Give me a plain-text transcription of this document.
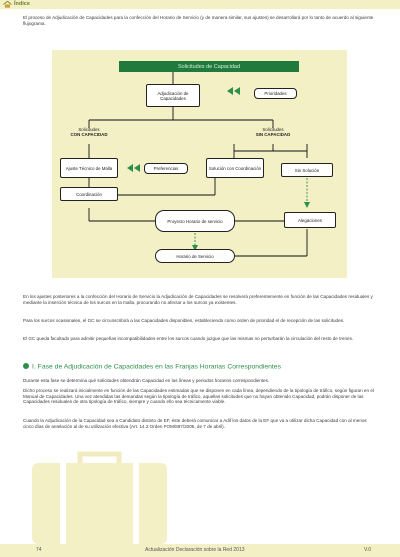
Índice

El proceso de Adjudicación de Capacidades para la confección del Horario de Servicio (y de manera similar, sus ajustes) se desarrollará por lo tanto de acuerdo al siguiente flujograma.

Solicitudes de Capacidad
Adjudicación de Capacidades
Prioridades
Solicitudes
CON CAPACIDAD
Solicitudes
SIN CAPACIDAD
Ajuste Técnico de Malla	Preferencias	Solución con Coordinación	Sin Solución
Coordinación
Proyecto Horario de servicio	Alegaciones
Horario de Servicio

En los ajustes posteriores a la confección del Horario de Servicio la Adjudicación de Capacidades se resolverá preferentemente en función de las Capacidades residuales y mediante la inserción técnica de los surcos en la malla, procurando no afectar a los surcos ya existentes.

Para los surcos ocasionales, el GC se circunscribirá a las Capacidades disponibles, estableciendo como orden de prioridad el de recepción de las solicitudes.

El GC queda facultado para admitir pequeñas incompatibilidades entre los surcos cuando juzgue que las mismas no perturbarán la circulación del resto de trenes.

I. Fase de Adjudicación de Capacidades en las Franjas Horarias Correspondientes

Durante esta fase se determina qué solicitudes obtendrán Capacidad en las líneas y periodos horarios correspondientes.

Dicho proceso se realizará inicialmente en función de las Capacidades estimadas que se disponen en cada línea, dependiendo de la tipología de tráfico, según figuran en el Manual de Capacidades. Una vez atendidas las demandas según la tipología de tráfico, aquellas solicitudes que no hayan obtenido Capacidad, podrán disponer de las Capacidades residuales de otra tipología de tráfico, siempre y cuando ello sea técnicamente viable.

Cuando la Adjudicación de la Capacidad sea a Candidato distinto de EF, éste deberá comunicar a Adif los datos de la EF que va a utilizar dicha Capacidad con al menos cinco días de antelación al de su utilización efectiva (Art. 14.2 Orden FOM/897/2005, de 7 de abril).

74	Actualización Declaración sobre la Red 2013	V.0
